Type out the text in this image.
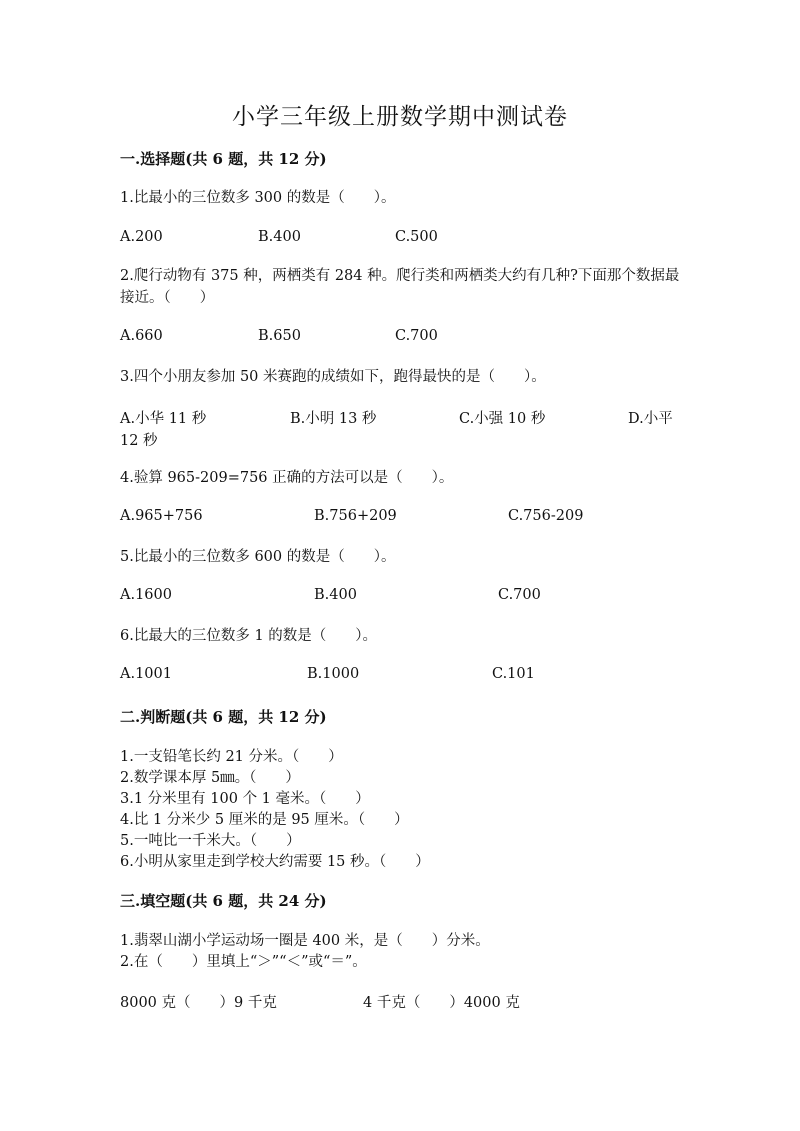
小学三年级上册数学期中测试卷
一.选择题(共 6 题，共 12 分)
1.比最小的三位数多 300 的数是（　　）。
A.200	B.400	C.500
2.爬行动物有 375 种，两栖类有 284 种。爬行类和两栖类大约有几种?下面那个数据最接近。（　　）
A.660	B.650	C.700
3.四个小朋友参加 50 米赛跑的成绩如下，跑得最快的是（　　）。
A.小华 11 秒	B.小明 13 秒	C.小强 10 秒	D.小平
12 秒
4.验算 965-209=756 正确的方法可以是（　　）。
A.965+756	B.756+209	C.756-209
5.比最小的三位数多 600 的数是（　　）。
A.1600	B.400	C.700
6.比最大的三位数多 1 的数是（　　）。
A.1001	B.1000	C.101
二.判断题(共 6 题，共 12 分)
1.一支铅笔长约 21 分米。（　　）
2.数学课本厚 5㎜。（　　）
3.1 分米里有 100 个 1 毫米。（　　）
4.比 1 分米少 5 厘米的是 95 厘米。（　　）
5.一吨比一千米大。（　　）
6.小明从家里走到学校大约需要 15 秒。（　　）
三.填空题(共 6 题，共 24 分)
1.翡翠山湖小学运动场一圈是 400 米，是（　　）分米。
2.在（　　）里填上“＞”“＜”或“＝”。
8000 克（　　）9 千克	4 千克（　　）4000 克
